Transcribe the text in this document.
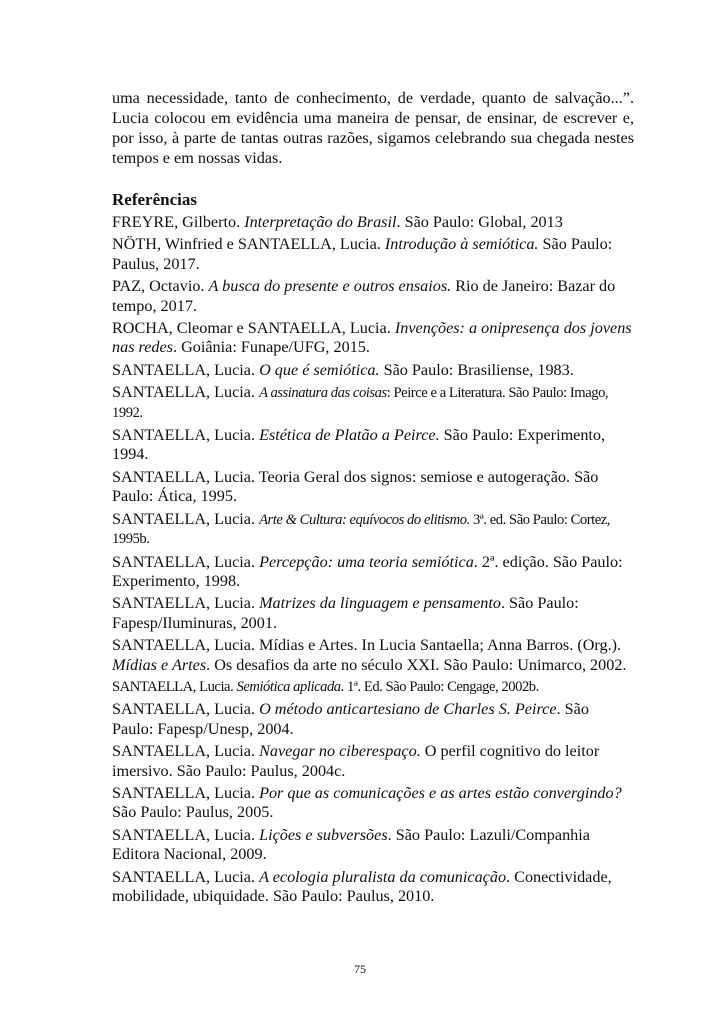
uma necessidade, tanto de conhecimento, de verdade, quanto de salvação...”. Lucia colocou em evidência uma maneira de pensar, de ensinar, de escrever e, por isso, à parte de tantas outras razões, sigamos celebrando sua chegada nestes tempos e em nossas vidas.

Referências
FREYRE, Gilberto. Interpretação do Brasil. São Paulo: Global, 2013
NÖTH, Winfried e SANTAELLA, Lucia. Introdução à semiótica. São Paulo: Paulus, 2017.
PAZ, Octavio. A busca do presente e outros ensaios. Rio de Janeiro: Bazar do tempo, 2017.
ROCHA, Cleomar e SANTAELLA, Lucia. Invenções: a onipresença dos jovens nas redes. Goiânia: Funape/UFG, 2015.
SANTAELLA, Lucia. O que é semiótica. São Paulo: Brasiliense, 1983.
SANTAELLA, Lucia. A assinatura das coisas: Peirce e a Literatura. São Paulo: Imago, 1992.
SANTAELLA, Lucia. Estética de Platão a Peirce. São Paulo: Experimento, 1994.
SANTAELLA, Lucia. Teoria Geral dos signos: semiose e autogeração. São Paulo: Ática, 1995.
SANTAELLA, Lucia. Arte & Cultura: equívocos do elitismo. 3ª. ed. São Paulo: Cortez, 1995b.
SANTAELLA, Lucia. Percepção: uma teoria semiótica. 2ª. edição. São Paulo: Experimento, 1998.
SANTAELLA, Lucia. Matrizes da linguagem e pensamento. São Paulo: Fapesp/Iluminuras, 2001.
SANTAELLA, Lucia. Mídias e Artes. In Lucia Santaella; Anna Barros. (Org.). Mídias e Artes. Os desafios da arte no século XXI. São Paulo: Unimarco, 2002.
SANTAELLA, Lucia. Semiótica aplicada. 1ª. Ed. São Paulo: Cengage, 2002b.
SANTAELLA, Lucia. O método anticartesiano de Charles S. Peirce. São Paulo: Fapesp/Unesp, 2004.
SANTAELLA, Lucia. Navegar no ciberespaço. O perfil cognitivo do leitor imersivo. São Paulo: Paulus, 2004c.
SANTAELLA, Lucia. Por que as comunicações e as artes estão convergindo? São Paulo: Paulus, 2005.
SANTAELLA, Lucia. Lições e subversões. São Paulo: Lazuli/Companhia Editora Nacional, 2009.
SANTAELLA, Lucia. A ecologia pluralista da comunicação. Conectividade, mobilidade, ubiquidade. São Paulo: Paulus, 2010.
75
